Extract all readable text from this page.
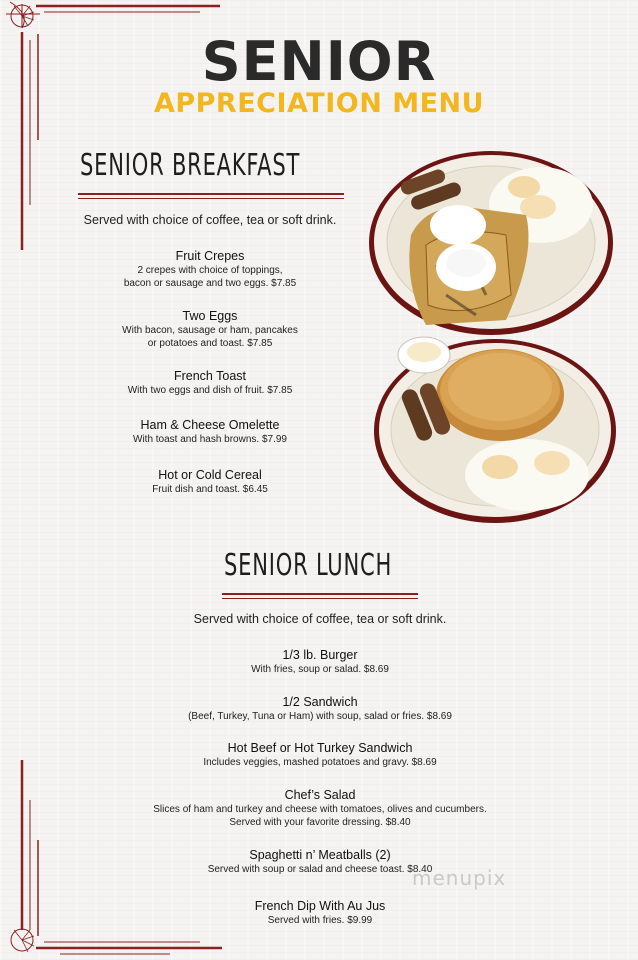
SENIOR
APPRECIATION MENU
SENIOR BREAKFAST
Served with choice of coffee, tea or soft drink.
Fruit Crepes
2 crepes with choice of toppings,
bacon or sausage and two eggs. $7.85
Two Eggs
With bacon, sausage or ham, pancakes
or potatoes and toast. $7.85
French Toast
With two eggs and dish of fruit. $7.85
Ham & Cheese Omelette
With toast and hash browns. $7.99
Hot or Cold Cereal
Fruit dish and toast. $6.45
SENIOR LUNCH
Served with choice of coffee, tea or soft drink.
1/3 lb. Burger
With fries, soup or salad. $8.69
1/2 Sandwich
(Beef, Turkey, Tuna or Ham) with soup, salad or fries. $8.69
Hot Beef or Hot Turkey Sandwich
Includes veggies, mashed potatoes and gravy. $8.69
Chef’s Salad
Slices of ham and turkey and cheese with tomatoes, olives and cucumbers.
Served with your favorite dressing. $8.40
Spaghetti n’ Meatballs (2)
Served with soup or salad and cheese toast. $8.40
French Dip With Au Jus
Served with fries. $9.99
menupix
